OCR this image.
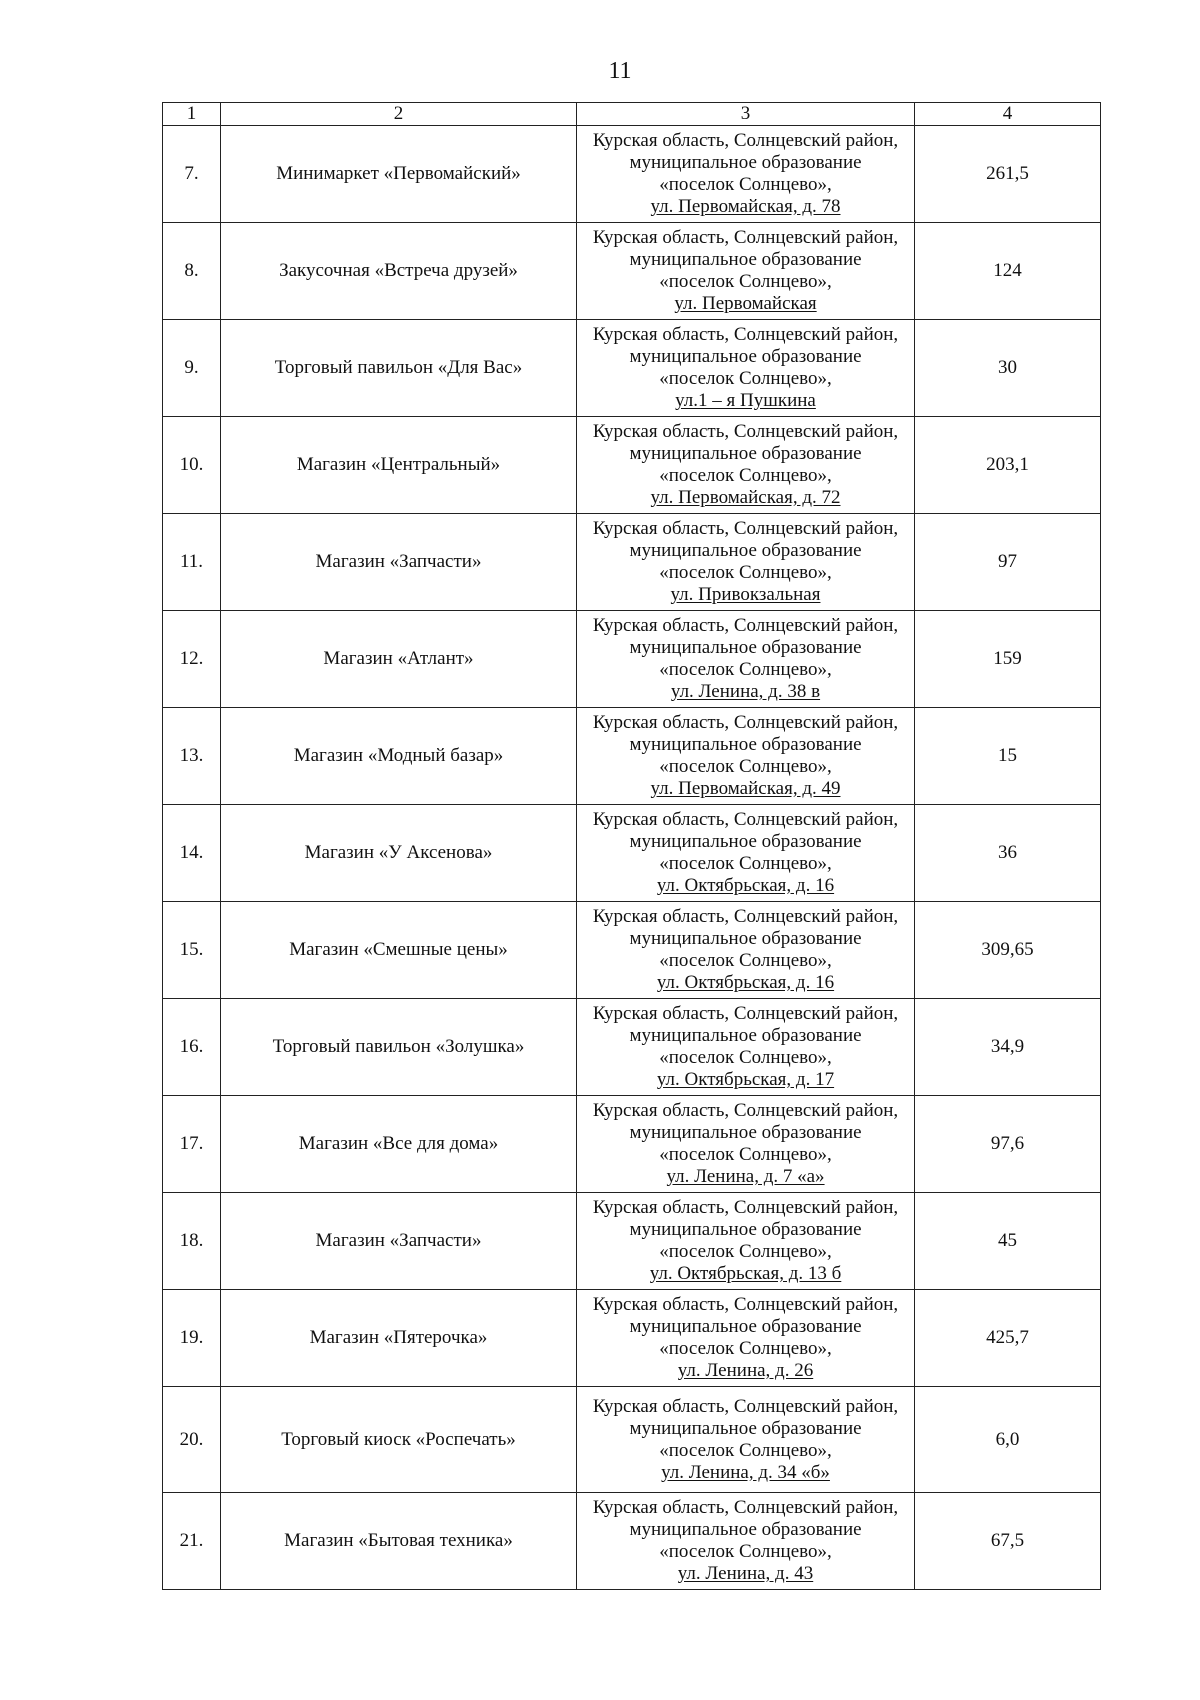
11
1	2	3	4
7.	Минимаркет «Первомайский»	Курская область, Солнцевский район,
муниципальное образование
«поселок Солнцево»,
ул. Первомайская, д. 78	261,5
8.	Закусочная «Встреча друзей»	Курская область, Солнцевский район,
муниципальное образование
«поселок Солнцево»,
ул. Первомайская	124
9.	Торговый павильон «Для Вас»	Курская область, Солнцевский район,
муниципальное образование
«поселок Солнцево»,
ул.1 – я Пушкина	30
10.	Магазин «Центральный»	Курская область, Солнцевский район,
муниципальное образование
«поселок Солнцево»,
ул. Первомайская, д. 72	203,1
11.	Магазин «Запчасти»	Курская область, Солнцевский район,
муниципальное образование
«поселок Солнцево»,
ул. Привокзальная	97
12.	Магазин «Атлант»	Курская область, Солнцевский район,
муниципальное образование
«поселок Солнцево»,
ул. Ленина, д. 38 в	159
13.	Магазин «Модный базар»	Курская область, Солнцевский район,
муниципальное образование
«поселок Солнцево»,
ул. Первомайская, д. 49	15
14.	Магазин «У Аксенова»	Курская область, Солнцевский район,
муниципальное образование
«поселок Солнцево»,
ул. Октябрьская, д. 16	36
15.	Магазин «Смешные цены»	Курская область, Солнцевский район,
муниципальное образование
«поселок Солнцево»,
ул. Октябрьская, д. 16	309,65
16.	Торговый павильон «Золушка»	Курская область, Солнцевский район,
муниципальное образование
«поселок Солнцево»,
ул. Октябрьская, д. 17	34,9
17.	Магазин «Все для дома»	Курская область, Солнцевский район,
муниципальное образование
«поселок Солнцево»,
ул. Ленина, д. 7 «а»	97,6
18.	Магазин «Запчасти»	Курская область, Солнцевский район,
муниципальное образование
«поселок Солнцево»,
ул. Октябрьская, д. 13 б	45
19.	Магазин «Пятерочка»	Курская область, Солнцевский район,
муниципальное образование
«поселок Солнцево»,
ул. Ленина, д. 26	425,7
20.	Торговый киоск «Роспечать»	Курская область, Солнцевский район,
муниципальное образование
«поселок Солнцево»,
ул. Ленина, д. 34 «б»	6,0
21.	Магазин «Бытовая техника»	Курская область, Солнцевский район,
муниципальное образование
«поселок Солнцево»,
ул. Ленина, д. 43	67,5
